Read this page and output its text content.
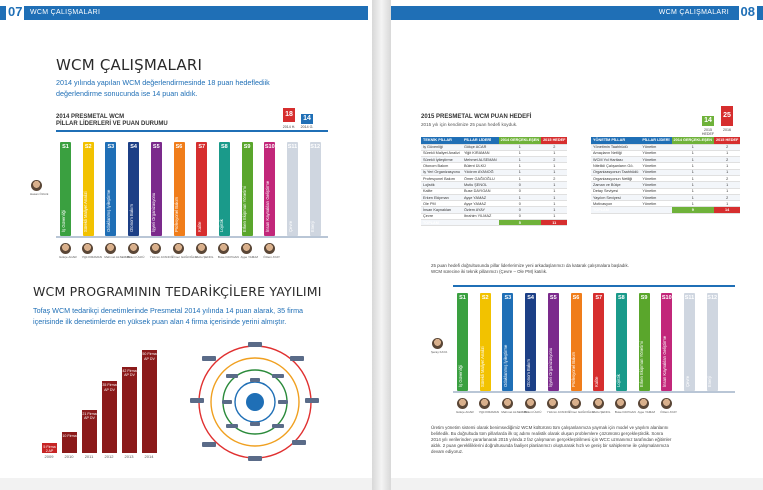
WCM ÇALIŞMALARI
07
WCM ÇALIŞMALARI
2014 yılında yapılan WCM değerlendirmesinde 18 puan hedeflediik
değerlendirme sonucunda ise 14 puan aldık.
2014 PRESMETAL WCM
PİLLAR LİDERLERİ VE PUAN DURUMU
18
14
2014 H.	2014 G.
Hasan Öztürk
S1
İş Güvenliği
S2
Sürekli Maliyet Analizi
S3
Odaklanmış İyileştirme
S4
Otonom Bakım
S5
İşyeri Organizasyonu
S6
Profesyonel Bakım
S7
Kalite
S8
Lojistik
S9
Erken Ekipman Yönetimi
S10
İnsan Kaynakları Geliştirme
S11
Çevre
S12
Enerji
Gökçe ACAR Yiğit KIRAMAN Mehmet ALSEMAN
Bülent ÜLKÜ Yıldırım AYANOĞ Ömer GAĞIOĞLU
Mutlu ŞENOL Buse DAYIGAN Ayşe YAMAZ Özlem AYAY
WCM PROGRAMININ TEDARİKÇİLERE YAYILIMI
Tofaş WCM tedarikçi denetimlerinde Presmetal 2014 yılında 14 puan alarak, 35 firma
içerisinde ilk denetimlerde en yüksek puan alan 4 firma içerisinde yerini almıştır.
5 Firma 2 AP
10 Firma
21 Firma AP DV
35 Firma AP DV
42 Firma AP DV
50 Firma AP DV
2009	2010	2011	2012	2013	2014
WCM ÇALIŞMALARI 08
2015 PRESMETAL WCM PUAN HEDEFİ
2015 yılı için kendimize 25 puan hedefi koyduk.
14
25
2015 HEDEF
2016
TEKNİK PİLLAR	PİLLAR LİDERİ	2014 GERÇEKLEŞEN	2015 HEDEF
İş Güvenliği	Gökçe ACAR	1	2
Sürekli Maliyet Analizi	Yiğit KIRAMAN	1	1
Sürekli İyileştirme	Mehmet ALSEMAN	1	2
Otonom Bakım	Bülent ÜLKÜ	1	1
İş Yeri Organizasyonu	Yıldırım AYANOĞ	1	1
Profesyonel Bakım	Ömer GAĞIOĞLU	1	2
Lojistik	Mutlu ŞENOL	0	1
Kalite	Buse DAYIGAN	0	1
Erken Ekipman	Ayşe YAMAZ	1	1
Ole PM	Ayşe YAMAZ	0	1
İnsan Kaynakları	Özlem AYAY	0	1
Çevre	İbrahim YILMAZ	0	1
TOPLAM		5	11
YÖNETİM PİLLAR	PİLLAR LİDERİ	2014 GERÇEKLEŞEN	2015 HEDEF
Yönetimin Taahhüdü	Yönetim	1	2
Amaçların Netliği	Yönetim	1	1
WCM Yol Haritası	Yönetim	1	2
Nitelikli Çalışanların Gö.	Yönetim	1	1
Organizasyonun Taahhüdü	Yönetim	1	1
Organizasyonun Netliği	Yönetim	1	2
Zaman ve Bütçe	Yönetim	1	1
Detay Seviyesi	Yönetim	1	1
Yayılım Seviyesi	Yönetim	1	2
Motivasyon	Yönetim	1	1
TOPLAM		9	14
25 puan hedefi doğrultusunda pillar liderlerimize yeni arkadaşlarımızı da katarak çalışmalara başladık.
WCM sürecine iki teknik pillarımızı (Çevre – Ole PM) katılık.
Şeray KAYA
S1
İş Güvenliği
S2
Sürekli Maliyet Analizi
S3
Odaklanmış İyileştirme
S4
Otonom Bakım
S5
İşyeri Organizasyonu
S6
Profesyonel Bakım
S7
Kalite
S8
Lojistik
S9
Erken Ekipman Yönetimi
S10
İnsan Kaynakları Geliştirme
S11
Çevre
S12
Enerji
Gökçe ACAR Yiğit KIRAMAN Mehmet ALSEMAN
Bülent ÜLKÜ Yıldırım AYANOĞ Ömer GAĞIOĞLU
Mutlu ŞENOL Buse DAYIGAN Ayşe YAMAZ Özlem AYAY
Üretim yönetim sistemi olarak benimsediğimiz WCM kültürünü tüm çalışanlarımıza yaymak için model ve yayılım alanlarını
belirledik. Bu doğrultuda tüm pillarlarda ilk üç adımı realistik olarak oluşan problemlere çözümünü gerçekleştirdik. Sonra
2014 yılı verilerinden yararlanarak 2015 yılında 2 faz çalışmanın gerçekleştirilmesi için WCC uzmanımız tarafından eğitimler
aldık. 2 puan gerekliliklerini doğrultusunda faaliyet planlarımızı oluşturarak hızlı ve geniş bir sahiplenme ile çalışmalarımıza
devam ediyoruz.
